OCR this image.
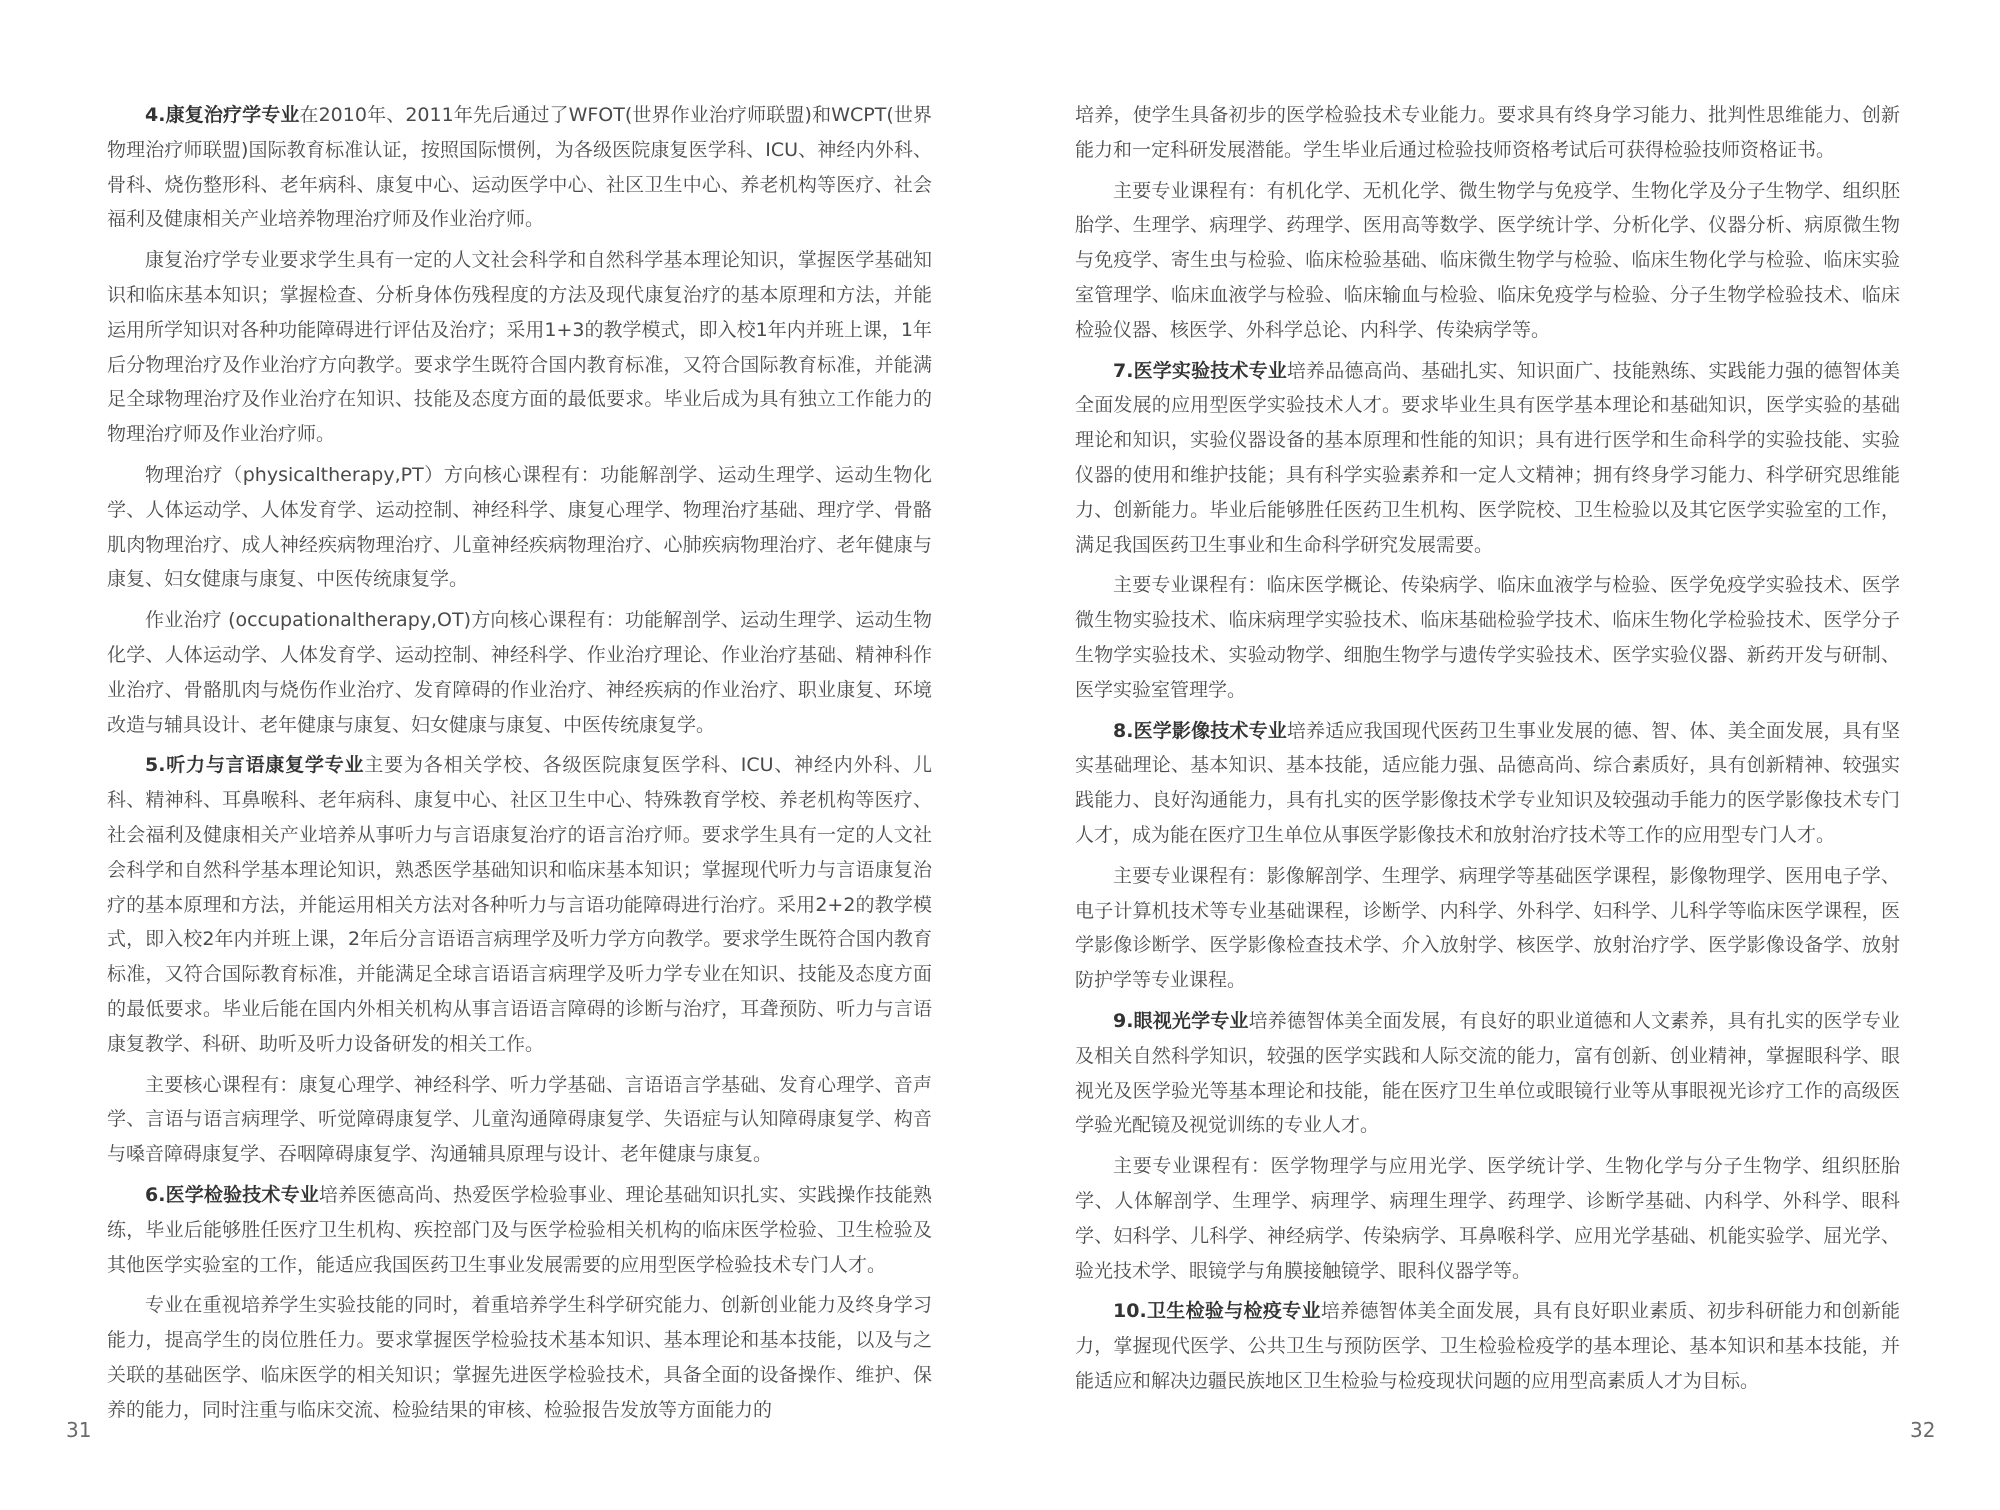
4.康复治疗学专业在2010年、2011年先后通过了WFOT(世界作业治疗师联盟)和WCPT(世界物理治疗师联盟)国际教育标准认证，按照国际惯例，为各级医院康复医学科、ICU、神经内外科、骨科、烧伤整形科、老年病科、康复中心、运动医学中心、社区卫生中心、养老机构等医疗、社会福利及健康相关产业培养物理治疗师及作业治疗师。

康复治疗学专业要求学生具有一定的人文社会科学和自然科学基本理论知识，掌握医学基础知识和临床基本知识；掌握检查、分析身体伤残程度的方法及现代康复治疗的基本原理和方法，并能运用所学知识对各种功能障碍进行评估及治疗；采用1+3的教学模式，即入校1年内并班上课，1年后分物理治疗及作业治疗方向教学。要求学生既符合国内教育标准，又符合国际教育标准，并能满足全球物理治疗及作业治疗在知识、技能及态度方面的最低要求。毕业后成为具有独立工作能力的物理治疗师及作业治疗师。

物理治疗（physicaltherapy,PT）方向核心课程有：功能解剖学、运动生理学、运动生物化学、人体运动学、人体发育学、运动控制、神经科学、康复心理学、物理治疗基础、理疗学、骨骼肌肉物理治疗、成人神经疾病物理治疗、儿童神经疾病物理治疗、心肺疾病物理治疗、老年健康与康复、妇女健康与康复、中医传统康复学。

作业治疗 (occupationaltherapy,OT)方向核心课程有：功能解剖学、运动生理学、运动生物化学、人体运动学、人体发育学、运动控制、神经科学、作业治疗理论、作业治疗基础、精神科作业治疗、骨骼肌肉与烧伤作业治疗、发育障碍的作业治疗、神经疾病的作业治疗、职业康复、环境改造与辅具设计、老年健康与康复、妇女健康与康复、中医传统康复学。

5.听力与言语康复学专业主要为各相关学校、各级医院康复医学科、ICU、神经内外科、儿科、精神科、耳鼻喉科、老年病科、康复中心、社区卫生中心、特殊教育学校、养老机构等医疗、社会福利及健康相关产业培养从事听力与言语康复治疗的语言治疗师。要求学生具有一定的人文社会科学和自然科学基本理论知识，熟悉医学基础知识和临床基本知识；掌握现代听力与言语康复治疗的基本原理和方法，并能运用相关方法对各种听力与言语功能障碍进行治疗。采用2+2的教学模式，即入校2年内并班上课，2年后分言语语言病理学及听力学方向教学。要求学生既符合国内教育标准，又符合国际教育标准，并能满足全球言语语言病理学及听力学专业在知识、技能及态度方面的最低要求。毕业后能在国内外相关机构从事言语语言障碍的诊断与治疗，耳聋预防、听力与言语康复教学、科研、助听及听力设备研发的相关工作。

主要核心课程有：康复心理学、神经科学、听力学基础、言语语言学基础、发育心理学、音声学、言语与语言病理学、听觉障碍康复学、儿童沟通障碍康复学、失语症与认知障碍康复学、构音与嗓音障碍康复学、吞咽障碍康复学、沟通辅具原理与设计、老年健康与康复。

6.医学检验技术专业培养医德高尚、热爱医学检验事业、理论基础知识扎实、实践操作技能熟练，毕业后能够胜任医疗卫生机构、疾控部门及与医学检验相关机构的临床医学检验、卫生检验及其他医学实验室的工作，能适应我国医药卫生事业发展需要的应用型医学检验技术专门人才。

专业在重视培养学生实验技能的同时，着重培养学生科学研究能力、创新创业能力及终身学习能力，提高学生的岗位胜任力。要求掌握医学检验技术基本知识、基本理论和基本技能，以及与之关联的基础医学、临床医学的相关知识；掌握先进医学检验技术，具备全面的设备操作、维护、保养的能力，同时注重与临床交流、检验结果的审核、检验报告发放等方面能力的

31

培养，使学生具备初步的医学检验技术专业能力。要求具有终身学习能力、批判性思维能力、创新能力和一定科研发展潜能。学生毕业后通过检验技师资格考试后可获得检验技师资格证书。

主要专业课程有：有机化学、无机化学、微生物学与免疫学、生物化学及分子生物学、组织胚胎学、生理学、病理学、药理学、医用高等数学、医学统计学、分析化学、仪器分析、病原微生物与免疫学、寄生虫与检验、临床检验基础、临床微生物学与检验、临床生物化学与检验、临床实验室管理学、临床血液学与检验、临床输血与检验、临床免疫学与检验、分子生物学检验技术、临床检验仪器、核医学、外科学总论、内科学、传染病学等。

7.医学实验技术专业培养品德高尚、基础扎实、知识面广、技能熟练、实践能力强的德智体美全面发展的应用型医学实验技术人才。要求毕业生具有医学基本理论和基础知识，医学实验的基础理论和知识，实验仪器设备的基本原理和性能的知识；具有进行医学和生命科学的实验技能、实验仪器的使用和维护技能；具有科学实验素养和一定人文精神；拥有终身学习能力、科学研究思维能力、创新能力。毕业后能够胜任医药卫生机构、医学院校、卫生检验以及其它医学实验室的工作，满足我国医药卫生事业和生命科学研究发展需要。

主要专业课程有：临床医学概论、传染病学、临床血液学与检验、医学免疫学实验技术、医学微生物实验技术、临床病理学实验技术、临床基础检验学技术、临床生物化学检验技术、医学分子生物学实验技术、实验动物学、细胞生物学与遗传学实验技术、医学实验仪器、新药开发与研制、医学实验室管理学。

8.医学影像技术专业培养适应我国现代医药卫生事业发展的德、智、体、美全面发展，具有坚实基础理论、基本知识、基本技能，适应能力强、品德高尚、综合素质好，具有创新精神、较强实践能力、良好沟通能力，具有扎实的医学影像技术学专业知识及较强动手能力的医学影像技术专门人才，成为能在医疗卫生单位从事医学影像技术和放射治疗技术等工作的应用型专门人才。

主要专业课程有：影像解剖学、生理学、病理学等基础医学课程，影像物理学、医用电子学、电子计算机技术等专业基础课程，诊断学、内科学、外科学、妇科学、儿科学等临床医学课程，医学影像诊断学、医学影像检查技术学、介入放射学、核医学、放射治疗学、医学影像设备学、放射防护学等专业课程。

9.眼视光学专业培养德智体美全面发展，有良好的职业道德和人文素养，具有扎实的医学专业及相关自然科学知识，较强的医学实践和人际交流的能力，富有创新、创业精神，掌握眼科学、眼视光及医学验光等基本理论和技能，能在医疗卫生单位或眼镜行业等从事眼视光诊疗工作的高级医学验光配镜及视觉训练的专业人才。

主要专业课程有：医学物理学与应用光学、医学统计学、生物化学与分子生物学、组织胚胎学、人体解剖学、生理学、病理学、病理生理学、药理学、诊断学基础、内科学、外科学、眼科学、妇科学、儿科学、神经病学、传染病学、耳鼻喉科学、应用光学基础、机能实验学、屈光学、验光技术学、眼镜学与角膜接触镜学、眼科仪器学等。

10.卫生检验与检疫专业培养德智体美全面发展，具有良好职业素质、初步科研能力和创新能力，掌握现代医学、公共卫生与预防医学、卫生检验检疫学的基本理论、基本知识和基本技能，并能适应和解决边疆民族地区卫生检验与检疫现状问题的应用型高素质人才为目标。

32
